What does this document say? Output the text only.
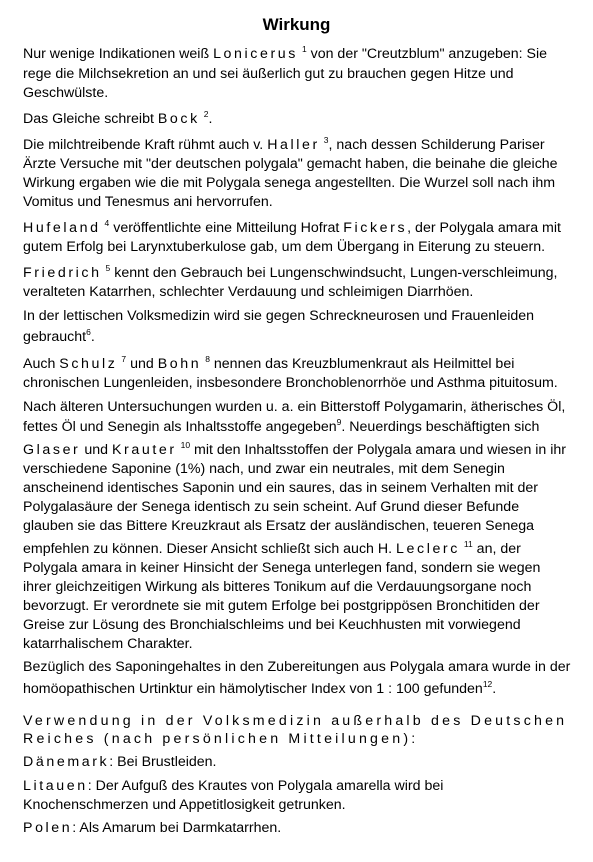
Wirkung
Nur wenige Indikationen weiß Lonicerus $^1$ von der "Creutzblum" anzugeben: Sie
rege die Milchsekretion an und sei äußerlich gut zu brauchen gegen Hitze und
Geschwülste.
Das Gleiche schreibt Bock $^2$.
Die milchtreibende Kraft rühmt auch v. Haller $^3$, nach dessen Schilderung Pariser
Ärzte Versuche mit "der deutschen polygala" gemacht haben, die beinahe die gleiche
Wirkung ergaben wie die mit Polygala senega angestellten. Die Wurzel soll nach ihm
Vomitus und Tenesmus ani hervorrufen.
Hufeland $^4$ veröffentlichte eine Mitteilung Hofrat Fickers, der Polygala amara mit
gutem Erfolg bei Larynxtuberkulose gab, um dem Übergang in Eiterung zu steuern.
Friedrich $^5$ kennt den Gebrauch bei Lungenschwindsucht, Lungen-verschleimung,
veralteten Katarrhen, schlechter Verdauung und schleimigen Diarrhöen.
In der lettischen Volksmedizin wird sie gegen Schreckneurosen und Frauenleiden
gebraucht$^6$.
Auch Schulz $^7$ und Bohn $^8$ nennen das Kreuzblumenkraut als Heilmittel bei
chronischen Lungenleiden, insbesondere Bronchoblenorrhöe und Asthma pituitosum.
Nach älteren Untersuchungen wurden u. a. ein Bitterstoff Polygamarin, ätherisches Öl,
fettes Öl und Senegin als Inhaltsstoffe angegeben$^9$. Neuerdings beschäftigten sich
Glaser und Krauter $^{10}$ mit den Inhaltsstoffen der Polygala amara und wiesen in ihr
verschiedene Saponine (1%) nach, und zwar ein neutrales, mit dem Senegin
anscheinend identisches Saponin und ein saures, das in seinem Verhalten mit der
Polygalasäure der Senega identisch zu sein scheint. Auf Grund dieser Befunde
glauben sie das Bittere Kreuzkraut als Ersatz der ausländischen, teueren Senega
empfehlen zu können. Dieser Ansicht schließt sich auch H. Leclerc $^{11}$ an, der
Polygala amara in keiner Hinsicht der Senega unterlegen fand, sondern sie wegen
ihrer gleichzeitigen Wirkung als bitteres Tonikum auf die Verdauungsorgane noch
bevorzugt. Er verordnete sie mit gutem Erfolge bei postgrippösen Bronchitiden der
Greise zur Lösung des Bronchialschleims und bei Keuchhusten mit vorwiegend
katarrhalischem Charakter.
Bezüglich des Saponingehaltes in den Zubereitungen aus Polygala amara wurde in der
homöopathischen Urtinktur ein hämolytischer Index von 1 : 100 gefunden$^{12}$.
Verwendung in der Volksmedizin außerhalb des Deutschen
Reiches (nach persönlichen Mitteilungen):
Dänemark: Bei Brustleiden.
Litauen: Der Aufguß des Krautes von Polygala amarella wird bei
Knochenschmerzen und Appetitlosigkeit getrunken.
Polen: Als Amarum bei Darmkatarrhen.
